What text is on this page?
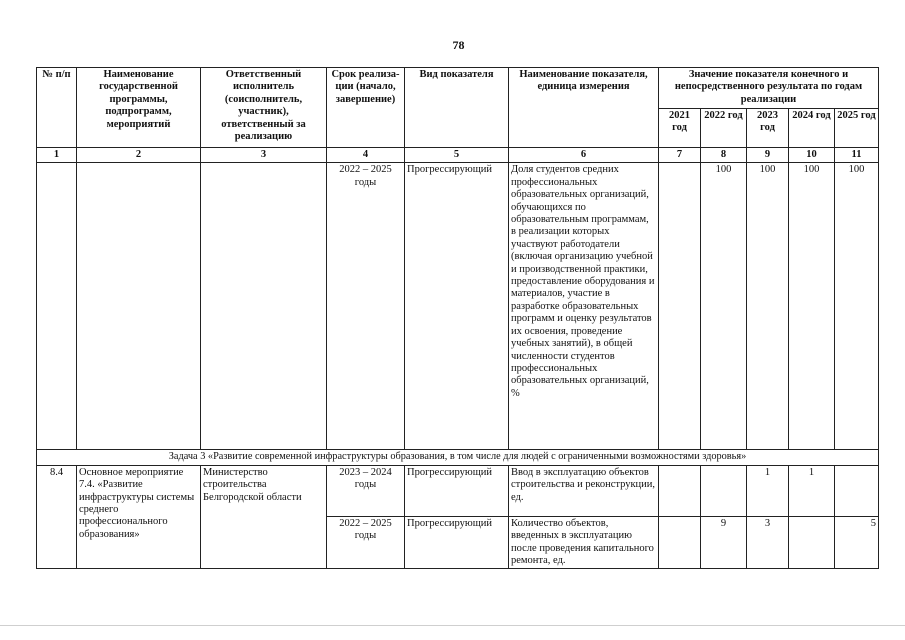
78
№ п/п	Наименование государственной программы, подпрограмм, мероприятий	Ответственный исполнитель (соисполнитель, участник), ответственный за реализацию	Срок реализа-ции (начало, завершение)	Вид показателя	Наименование показателя, единица измерения	Значение показателя конечного и непосредственного результата по годам реализации				
						2021 год	2022 год	2023 год	2024 год	2025 год
1	2	3	4	5	6	7	8	9	10	11
			2022 – 2025 годы	Прогрессирующий	Доля студентов средних профессиональных образовательных организаций, обучающихся по образовательным программам, в реализации которых участвуют работодатели (включая организацию учебной и производственной практики, предоставление оборудования и материалов, участие в разработке образовательных программ и оценку результатов их освоения, проведение учебных занятий), в общей численности студентов профессиональных образовательных организаций, %		100	100	100	100
Задача 3 «Развитие современной инфраструктуры образования, в том числе для людей с ограниченными возможностями здоровья»										
8.4	Основное мероприятие 7.4. «Развитие инфраструктуры системы среднего профессионального образования»	Министерство строительства Белгородской области	2023 – 2024 годы	Прогрессирующий	Ввод в эксплуатацию объектов строительства и реконструкции, ед.			1	1	
			2022 – 2025 годы	Прогрессирующий	Количество объектов, введенных в эксплуатацию после проведения капитального ремонта, ед.		9	3		5
